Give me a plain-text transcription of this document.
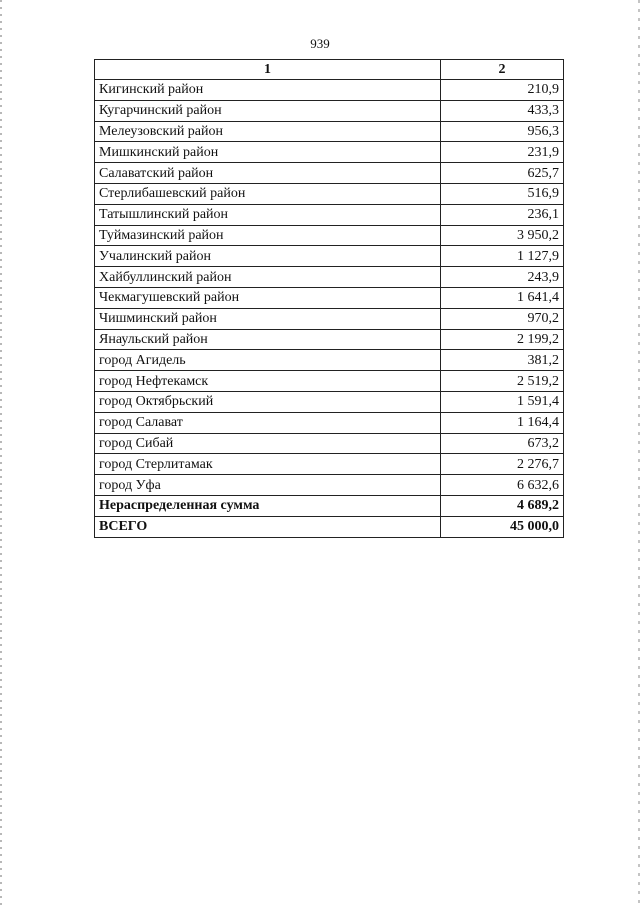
939
1	2
Кигинский район	210,9
Кугарчинский район	433,3
Мелеузовский район	956,3
Мишкинский район	231,9
Салаватский район	625,7
Стерлибашевский район	516,9
Татышлинский район	236,1
Туймазинский район	3 950,2
Учалинский район	1 127,9
Хайбуллинский район	243,9
Чекмагушевский район	1 641,4
Чишминский район	970,2
Янаульский район	2 199,2
город Агидель	381,2
город Нефтекамск	2 519,2
город Октябрьский	1 591,4
город Салават	1 164,4
город Сибай	673,2
город Стерлитамак	2 276,7
город Уфа	6 632,6
Нераспределенная сумма	4 689,2
ВСЕГО	45 000,0
